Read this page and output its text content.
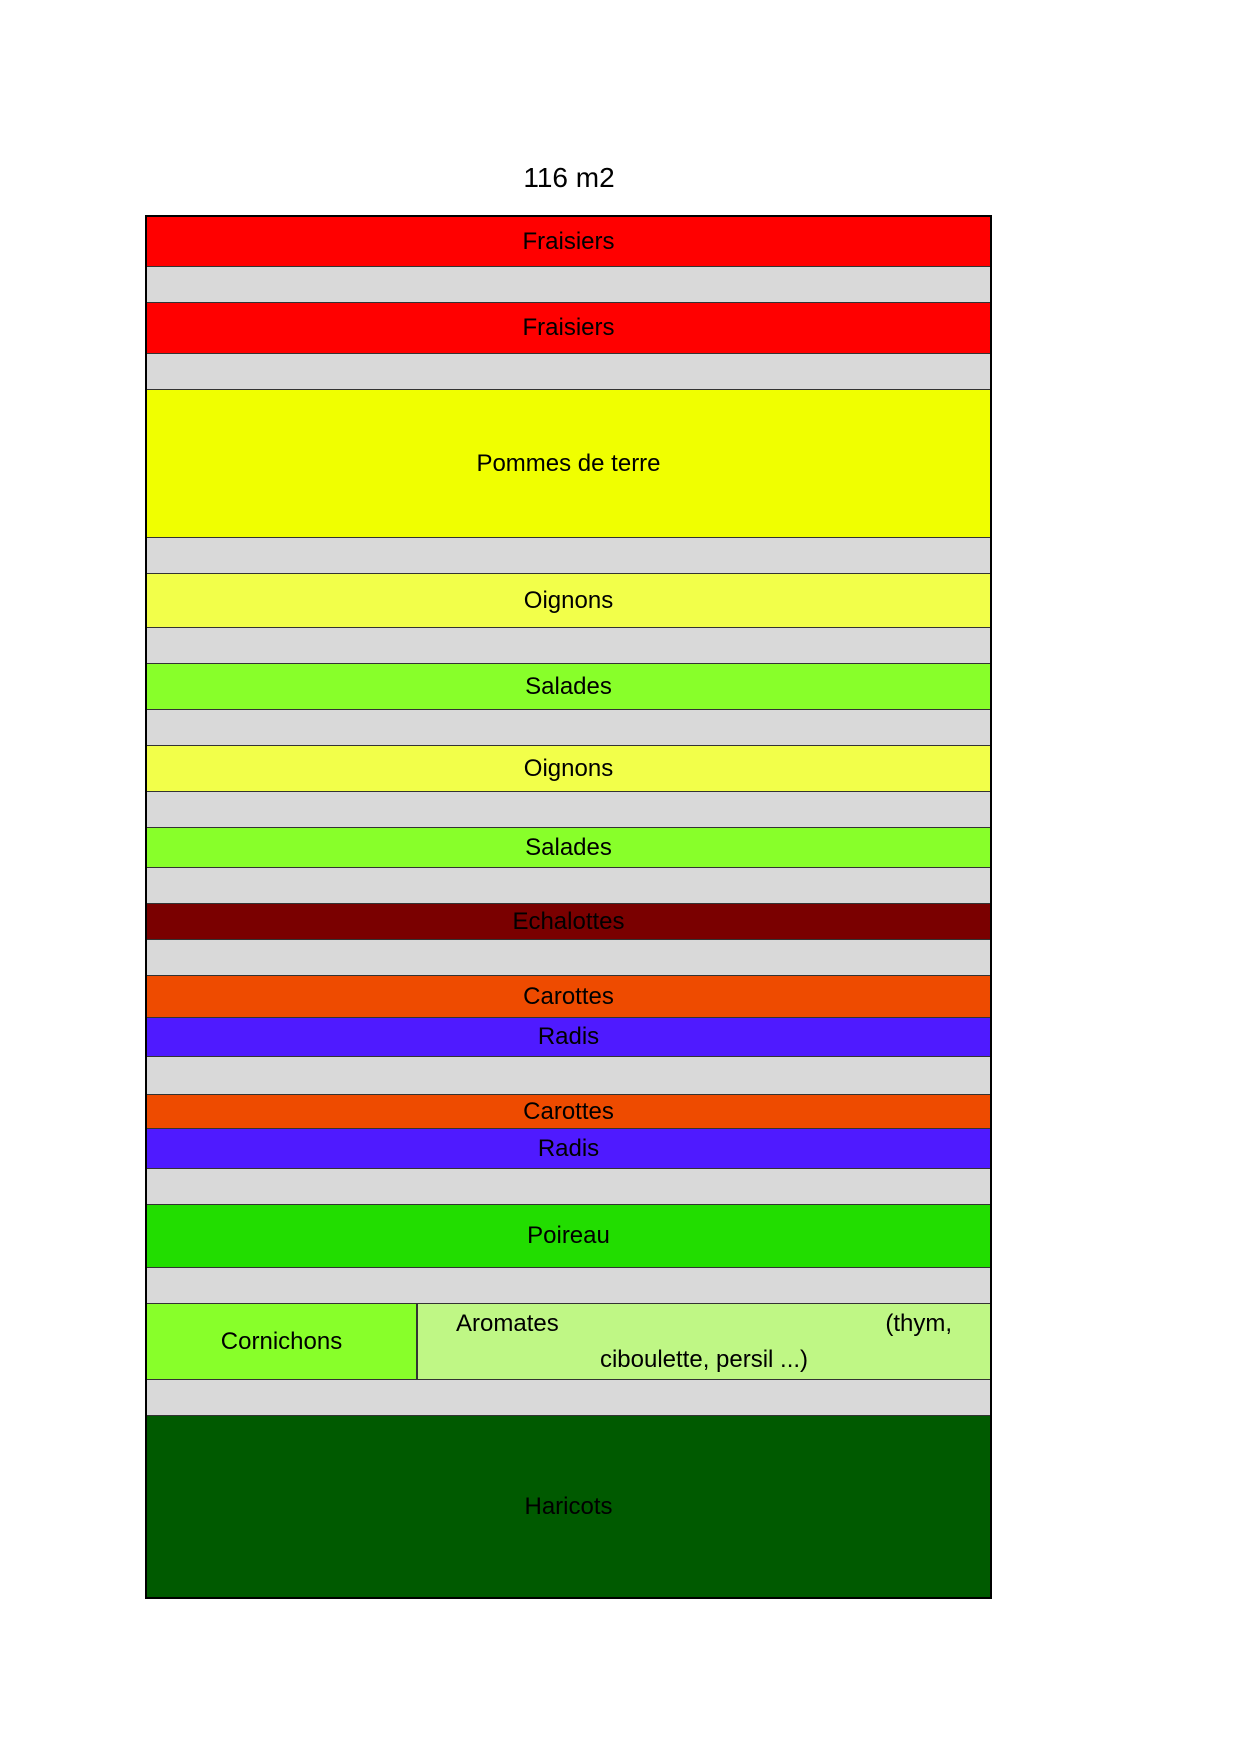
116 m2
Fraisiers
Fraisiers
Pommes de terre
Oignons
Salades
Oignons
Salades
Echalottes
Carottes
Radis
Carottes
Radis
Poireau
Cornichons
Aromates	(thym,
ciboulette, persil ...)
Haricots
